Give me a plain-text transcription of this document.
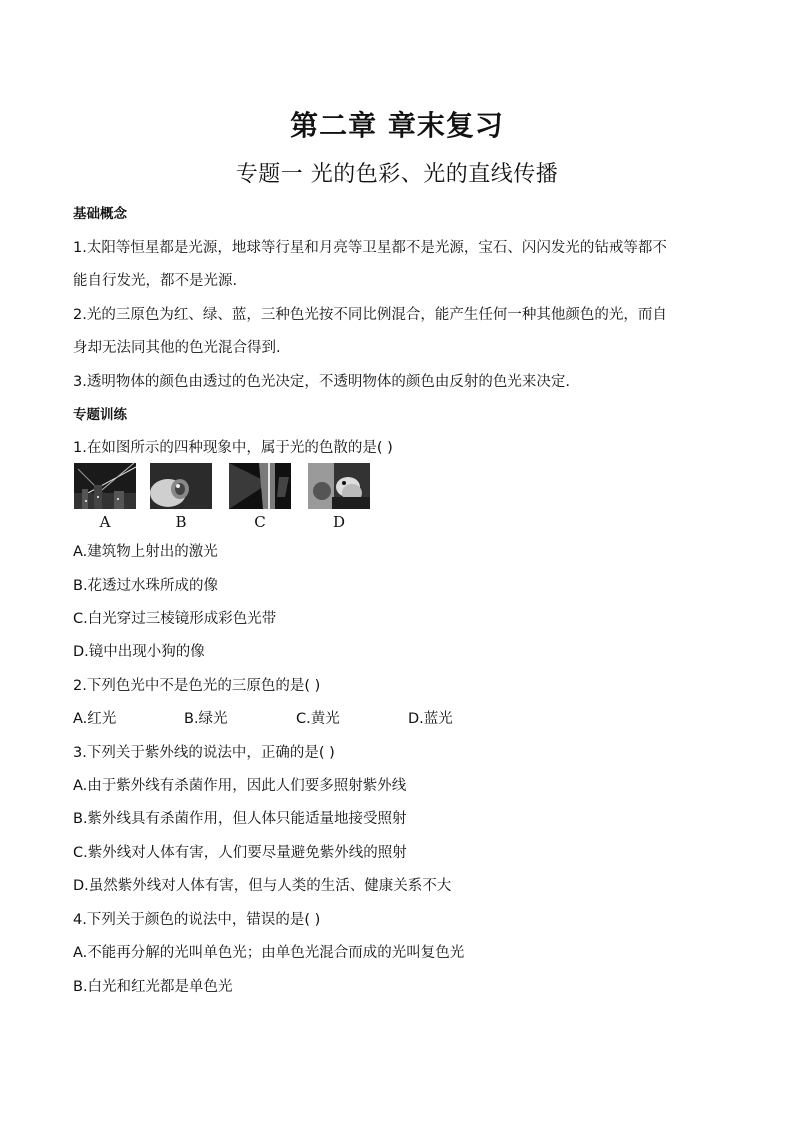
第二章 章末复习
专题一 光的色彩、光的直线传播
基础概念
1.太阳等恒星都是光源，地球等行星和月亮等卫星都不是光源，宝石、闪闪发光的钻戒等都不
能自行发光，都不是光源.
2.光的三原色为红、绿、蓝，三种色光按不同比例混合，能产生任何一种其他颜色的光，而自
身却无法同其他的色光混合得到.
3.透明物体的颜色由透过的色光决定，不透明物体的颜色由反射的色光来决定.
专题训练
1.在如图所示的四种现象中，属于光的色散的是( )
A	B	C	D
A.建筑物上射出的激光
B.花透过水珠所成的像
C.白光穿过三棱镜形成彩色光带
D.镜中出现小狗的像
2.下列色光中不是色光的三原色的是( )
A.红光	B.绿光	C.黄光	D.蓝光
3.下列关于紫外线的说法中，正确的是( )
A.由于紫外线有杀菌作用，因此人们要多照射紫外线
B.紫外线具有杀菌作用，但人体只能适量地接受照射
C.紫外线对人体有害，人们要尽量避免紫外线的照射
D.虽然紫外线对人体有害，但与人类的生活、健康关系不大
4.下列关于颜色的说法中，错误的是( )
A.不能再分解的光叫单色光；由单色光混合而成的光叫复色光
B.白光和红光都是单色光
